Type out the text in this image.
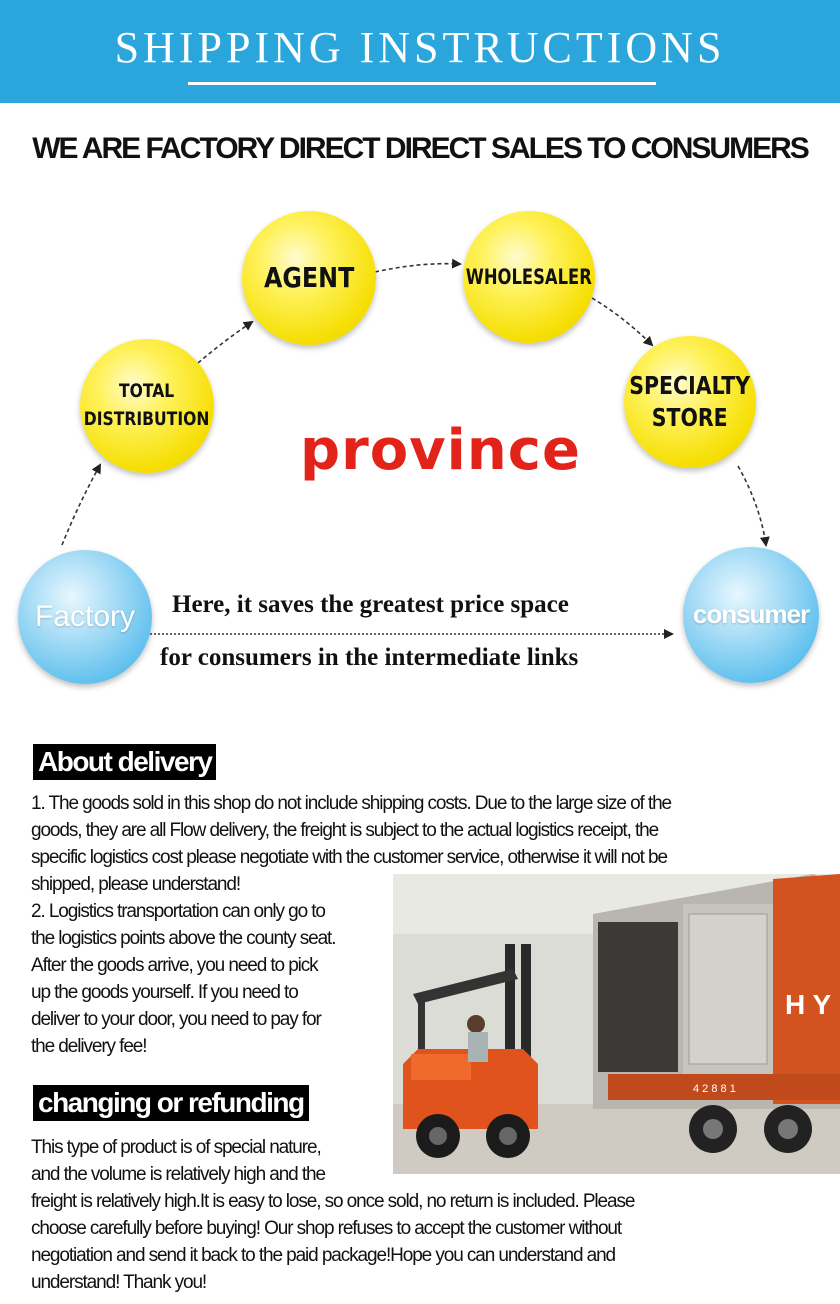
SHIPPING INSTRUCTIONS
WE ARE FACTORY DIRECT DIRECT SALES TO CONSUMERS
AGENT	WHOLESALER
TOTAL
DISTRIBUTION
SPECIALTY
STORE
Factory	consumer
province
Here, it saves the greatest price space
for consumers in the intermediate links
About delivery
1. The goods sold in this shop do not include shipping costs. Due to the large size of the
goods, they are all Flow delivery, the freight is subject to the actual logistics receipt, the
specific logistics cost please negotiate with the customer service, otherwise it will not be
shipped, please understand!
2. Logistics transportation can only go to
the logistics points above the county seat.
After the goods arrive, you need to pick
up the goods yourself. If you need to
deliver to your door, you need to pay for
the delivery fee!
H Y
4 2 8 8 1
changing or refunding
This type of product is of special nature,
and the volume is relatively high and the
freight is relatively high.It is easy to lose, so once sold, no return is included. Please
choose carefully before buying! Our shop refuses to accept the customer without
negotiation and send it back to the paid package!Hope you can understand and
understand! Thank you!
